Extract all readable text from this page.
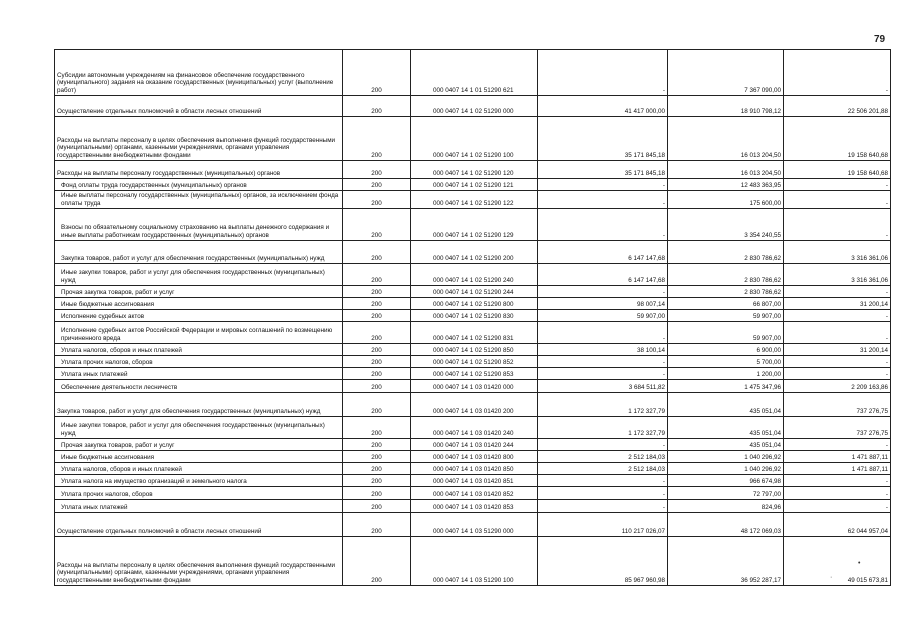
79
Субсидии автономным учреждениям на финансовое обеспечение государственного (муниципального) задания на оказание государственных (муниципальных) услуг (выполнение работ)	200	000 0407 14 1 01 51290 621	-	7 367 090,00	-
Осуществление отдельных полномочий в области лесных отношений	200	000 0407 14 1 02 51290 000	41 417 000,00	18 910 798,12	22 506 201,88
Расходы на выплаты персоналу в целях обеспечения выполнения функций государственными (муниципальными) органами, казенными учреждениями, органами управления государственными внебюджетными фондами	200	000 0407 14 1 02 51290 100	35 171 845,18	16 013 204,50	19 158 640,68
Расходы на выплаты персоналу государственных (муниципальных) органов	200	000 0407 14 1 02 51290 120	35 171 845,18	16 013 204,50	19 158 640,68
Фонд оплаты труда государственных (муниципальных) органов	200	000 0407 14 1 02 51290 121	-	12 483 363,95	-
Иные выплаты персоналу государственных (муниципальных) органов, за исключением фонда оплаты труда	200	000 0407 14 1 02 51290 122	-	175 600,00	-
Взносы по обязательному социальному страхованию на выплаты денежного содержания и иные выплаты работникам государственных (муниципальных) органов	200	000 0407 14 1 02 51290 129	-	3 354 240,55	-
Закупка товаров, работ и услуг для обеспечения государственных (муниципальных) нужд	200	000 0407 14 1 02 51290 200	6 147 147,68	2 830 786,62	3 316 361,06
Иные закупки товаров, работ и услуг для обеспечения государственных (муниципальных) нужд	200	000 0407 14 1 02 51290 240	6 147 147,68	2 830 786,62	3 316 361,06
Прочая закупка товаров, работ и услуг	200	000 0407 14 1 02 51290 244	-	2 830 786,62	-
Иные бюджетные ассигнования	200	000 0407 14 1 02 51290 800	98 007,14	66 807,00	31 200,14
Исполнение судебных актов	200	000 0407 14 1 02 51290 830	59 907,00	59 907,00	-
Исполнение судебных актов Российской Федерации и мировых соглашений по возмещению причиненного вреда	200	000 0407 14 1 02 51290 831	-	59 907,00	-
Уплата налогов, сборов и иных платежей	200	000 0407 14 1 02 51290 850	38 100,14	6 900,00	31 200,14
Уплата прочих налогов, сборов	200	000 0407 14 1 02 51290 852	-	5 700,00	-
Уплата иных платежей	200	000 0407 14 1 02 51290 853	-	1 200,00	-
Обеспечение деятельности лесничеств	200	000 0407 14 1 03 01420 000	3 684 511,82	1 475 347,96	2 209 163,86
Закупка товаров, работ и услуг для обеспечения государственных (муниципальных) нужд	200	000 0407 14 1 03 01420 200	1 172 327,79	435 051,04	737 276,75
Иные закупки товаров, работ и услуг для обеспечения государственных (муниципальных) нужд	200	000 0407 14 1 03 01420 240	1 172 327,79	435 051,04	737 276,75
Прочая закупка товаров, работ и услуг	200	000 0407 14 1 03 01420 244	-	435 051,04	-
Иные бюджетные ассигнования	200	000 0407 14 1 03 01420 800	2 512 184,03	1 040 296,92	1 471 887,11
Уплата налогов, сборов и иных платежей	200	000 0407 14 1 03 01420 850	2 512 184,03	1 040 296,92	1 471 887,11
Уплата налога на имущество организаций и земельного налога	200	000 0407 14 1 03 01420 851	-	966 674,98	-
Уплата прочих налогов, сборов	200	000 0407 14 1 03 01420 852	-	72 797,00	-
Уплата иных платежей	200	000 0407 14 1 03 01420 853	-	824,96	-
Осуществление отдельных полномочий в области лесных отношений	200	000 0407 14 1 03 51290 000	110 217 026,07	48 172 069,03	62 044 957,04
Расходы на выплаты персоналу в целях обеспечения выполнения функций государственными (муниципальными) органами, казенными учреждениями, органами управления государственными внебюджетными фондами	200	000 0407 14 1 03 51290 100	85 967 960,98	36 952 287,17	49 015 673,81
•
·
